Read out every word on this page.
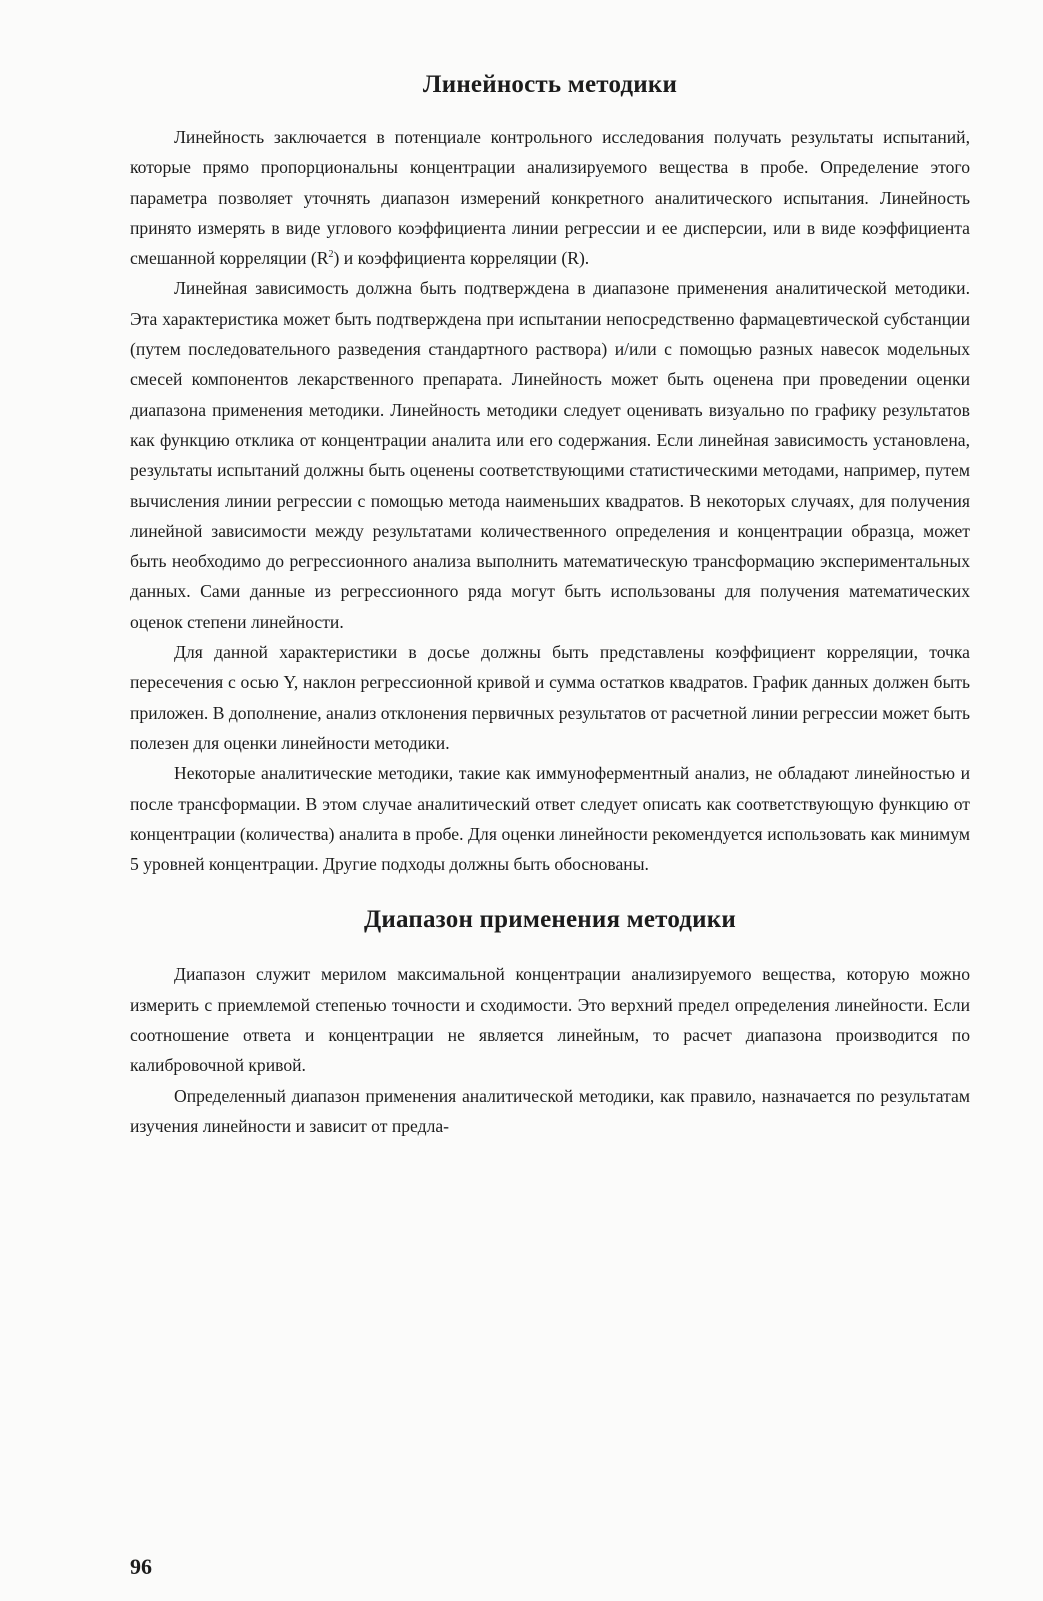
Линейность методики

Линейность заключается в потенциале контрольного исследования получать результаты испытаний, которые прямо пропорциональны концентрации анализируемого вещества в пробе. Определение этого параметра позволяет уточнять диапазон измерений конкретного аналитического испытания. Линейность принято измерять в виде углового коэффициента линии регрессии и ее дисперсии, или в виде коэффициента смешанной корреляции $(R^2)$ и коэффициента корреляции (R).

Линейная зависимость должна быть подтверждена в диапазоне применения аналитической методики. Эта характеристика может быть подтверждена при испытании непосредственно фармацевтической субстанции (путем последовательного разведения стандартного раствора) и/или с помощью разных навесок модельных смесей компонентов лекарственного препарата. Линейность может быть оценена при проведении оценки диапазона применения методики. Линейность методики следует оценивать визуально по графику результатов как функцию отклика от концентрации аналита или его содержания. Если линейная зависимость установлена, результаты испытаний должны быть оценены соответствующими статистическими методами, например, путем вычисления линии регрессии с помощью метода наименьших квадратов. В некоторых случаях, для получения линейной зависимости между результатами количественного определения и концентрации образца, может быть необходимо до регрессионного анализа выполнить математическую трансформацию экспериментальных данных. Сами данные из регрессионного ряда могут быть использованы для получения математических оценок степени линейности.

Для данной характеристики в досье должны быть представлены коэффициент корреляции, точка пересечения с осью Y, наклон регрессионной кривой и сумма остатков квадратов. График данных должен быть приложен. В дополнение, анализ отклонения первичных результатов от расчетной линии регрессии может быть полезен для оценки линейности методики.

Некоторые аналитические методики, такие как иммуноферментный анализ, не обладают линейностью и после трансформации. В этом случае аналитический ответ следует описать как соответствующую функцию от концентрации (количества) аналита в пробе. Для оценки линейности рекомендуется использовать как минимум 5 уровней концентрации. Другие подходы должны быть обоснованы.

Диапазон применения методики

Диапазон служит мерилом максимальной концентрации анализируемого вещества, которую можно измерить с приемлемой степенью точности и сходимости. Это верхний предел определения линейности. Если соотношение ответа и концентрации не является линейным, то расчет диапазона производится по калибровочной кривой.

Определенный диапазон применения аналитической методики, как правило, назначается по результатам изучения линейности и зависит от предла-

96
